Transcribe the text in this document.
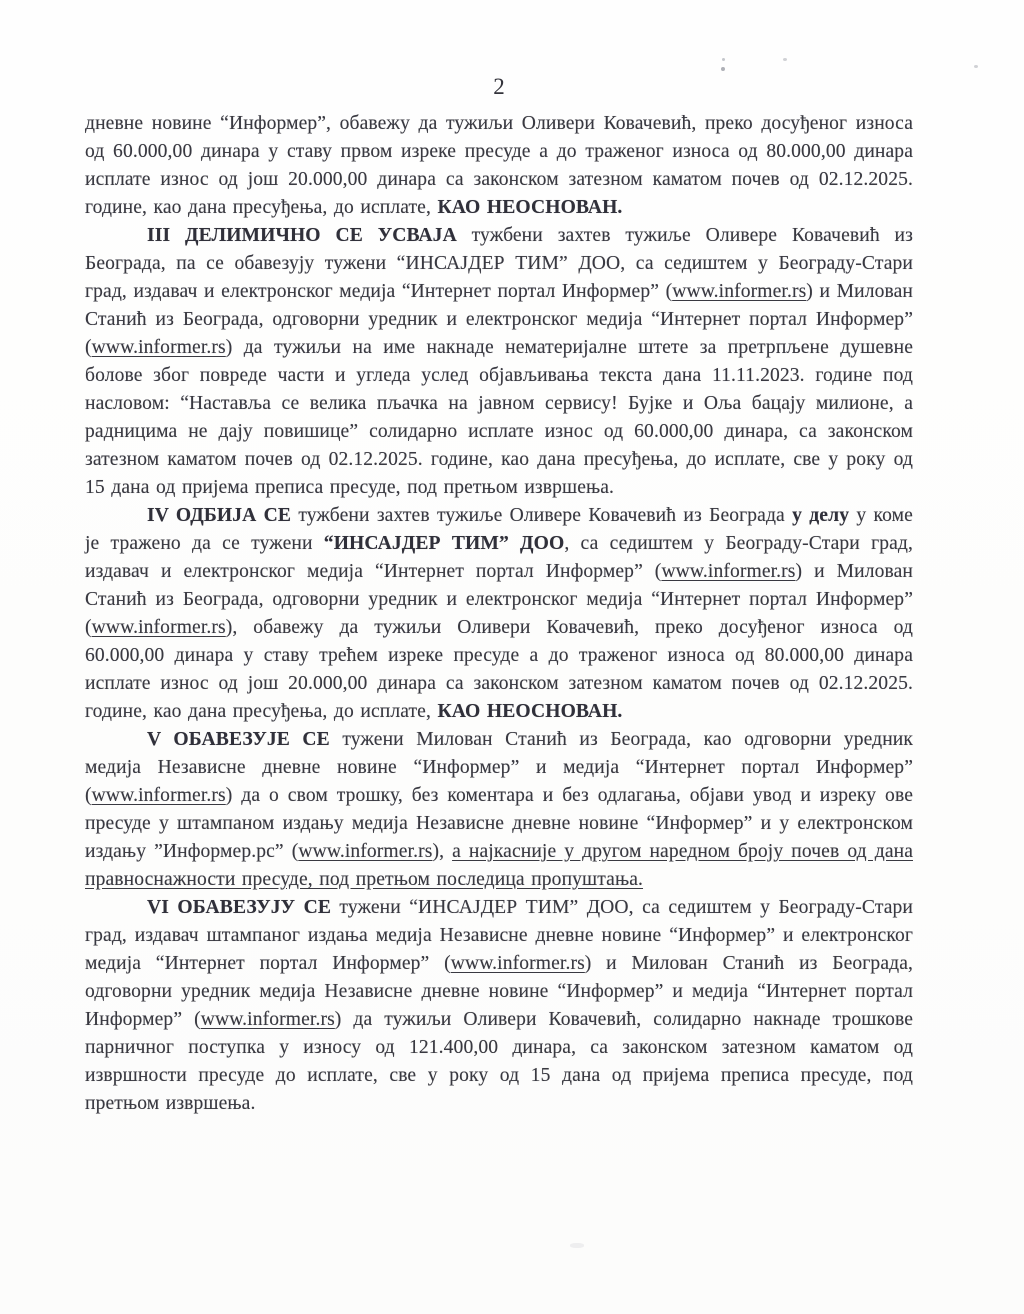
2

дневне новине “Информер”, обавежу да тужиљи Оливери Ковачевић, преко досуђеног износа од 60.000,00 динара у ставу првом изреке пресуде а до траженог износа од 80.000,00 динара исплате износ од још 20.000,00 динара са законском затезном каматом почев од 02.12.2025. године, као дана пресуђења, до исплате, КАО НЕОСНОВАН.

III ДЕЛИМИЧНО СЕ УСВАЈА тужбени захтев тужиље Оливере Ковачевић из Београда, па се обавезују тужени “ИНСАЈДЕР ТИМ” ДОО, са седиштем у Београду-Стари град, издавач и електронског медија “Интернет портал Информер” (www.informer.rs) и Милован Станић из Београда, одговорни уредник и електронског медија “Интернет портал Информер” (www.informer.rs) да тужиљи на име накнаде нематеријалне штете за претрпљене душевне болове због повреде части и угледа услед објављивања текста дана 11.11.2023. године под насловом: “Наставља се велика пљачка на јавном сервису! Бујке и Оља бацају милионе, а радницима не дају повишице” солидарно исплате износ од 60.000,00 динара, са законском затезном каматом почев од 02.12.2025. године, као дана пресуђења, до исплате, све у року од 15 дана од пријема преписа пресуде, под претњом извршења.

IV ОДБИЈА СЕ тужбени захтев тужиље Оливере Ковачевић из Београда у делу у коме је тражено да се тужени “ИНСАЈДЕР ТИМ” ДОО, са седиштем у Београду-Стари град, издавач и електронског медија “Интернет портал Информер” (www.informer.rs) и Милован Станић из Београда, одговорни уредник и електронског медија “Интернет портал Информер” (www.informer.rs), обавежу да тужиљи Оливери Ковачевић, преко досуђеног износа од 60.000,00 динара у ставу трећем изреке пресуде а до траженог износа од 80.000,00 динара исплате износ од још 20.000,00 динара са законском затезном каматом почев од 02.12.2025. године, као дана пресуђења, до исплате, КАО НЕОСНОВАН.

V ОБАВЕЗУЈЕ СЕ тужени Милован Станић из Београда, као одговорни уредник медија Независне дневне новине “Информер” и медија “Интернет портал Информер” (www.informer.rs) да о свом трошку, без коментара и без одлагања, објави увод и изреку ове пресуде у штампаном издању медија Независне дневне новине “Информер” и у електронском издању ”Информер.рс” (www.informer.rs), а најкасније у другом наредном броју почев од дана правноснажности пресуде, под претњом последица пропуштања.

VI ОБАВЕЗУЈУ СЕ тужени “ИНСАЈДЕР ТИМ” ДОО, са седиштем у Београду-Стари град, издавач штампаног издања медија Независне дневне новине “Информер” и електронског медија “Интернет портал Информер” (www.informer.rs) и Милован Станић из Београда, одговорни уредник медија Независне дневне новине “Информер” и медија “Интернет портал Информер” (www.informer.rs) да тужиљи Оливери Ковачевић, солидарно накнаде трошкове парничног поступка у износу од 121.400,00 динара, са законском затезном каматом од извршности пресуде до исплате, све у року од 15 дана од пријема преписа пресуде, под претњом извршења.
